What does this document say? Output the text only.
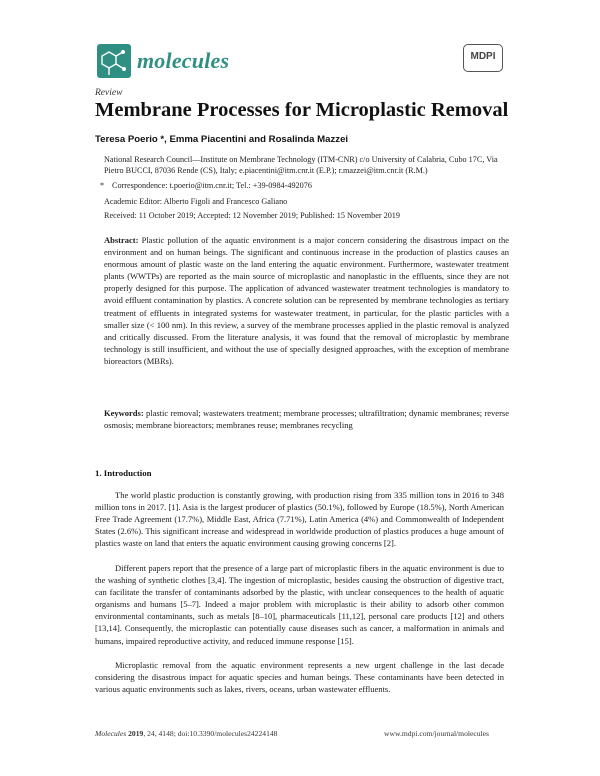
molecules	MDPI
Review
Membrane Processes for Microplastic Removal
Teresa Poerio *, Emma Piacentini and Rosalinda Mazzei
National Research Council—Institute on Membrane Technology (ITM-CNR) c/o University of Calabria, Cubo 17C, Via Pietro BUCCI, 87036 Rende (CS), Italy; e.piacentini@itm.cnr.it (E.P.); r.mazzei@itm.cnr.it (R.M.)
* Correspondence: t.poerio@itm.cnr.it; Tel.: +39-0984-492076
Academic Editor: Alberto Figoli and Francesco Galiano
Received: 11 October 2019; Accepted: 12 November 2019; Published: 15 November 2019
Abstract: Plastic pollution of the aquatic environment is a major concern considering the disastrous impact on the environment and on human beings. The significant and continuous increase in the production of plastics causes an enormous amount of plastic waste on the land entering the aquatic environment. Furthermore, wastewater treatment plants (WWTPs) are reported as the main source of microplastic and nanoplastic in the effluents, since they are not properly designed for this purpose. The application of advanced wastewater treatment technologies is mandatory to avoid effluent contamination by plastics. A concrete solution can be represented by membrane technologies as tertiary treatment of effluents in integrated systems for wastewater treatment, in particular, for the plastic particles with a smaller size (< 100 nm). In this review, a survey of the membrane processes applied in the plastic removal is analyzed and critically discussed. From the literature analysis, it was found that the removal of microplastic by membrane technology is still insufficient, and without the use of specially designed approaches, with the exception of membrane bioreactors (MBRs).
Keywords: plastic removal; wastewaters treatment; membrane processes; ultrafiltration; dynamic membranes; reverse osmosis; membrane bioreactors; membranes reuse; membranes recycling
1. Introduction

The world plastic production is constantly growing, with production rising from 335 million tons in 2016 to 348 million tons in 2017. [1]. Asia is the largest producer of plastics (50.1%), followed by Europe (18.5%), North American Free Trade Agreement (17.7%), Middle East, Africa (7.71%), Latin America (4%) and Commonwealth of Independent States (2.6%). This significant increase and widespread in worldwide production of plastics produces a huge amount of plastics waste on land that enters the aquatic environment causing growing concerns [2].

Different papers report that the presence of a large part of microplastic fibers in the aquatic environment is due to the washing of synthetic clothes [3,4]. The ingestion of microplastic, besides causing the obstruction of digestive tract, can facilitate the transfer of contaminants adsorbed by the plastic, with unclear consequences to the health of aquatic organisms and humans [5–7]. Indeed a major problem with microplastic is their ability to adsorb other common environmental contaminants, such as metals [8–10], pharmaceuticals [11,12], personal care products [12] and others [13,14]. Consequently, the microplastic can potentially cause diseases such as cancer, a malformation in animals and humans, impaired reproductive activity, and reduced immune response [15].

Microplastic removal from the aquatic environment represents a new urgent challenge in the last decade considering the disastrous impact for aquatic species and human beings. These contaminants have been detected in various aquatic environments such as lakes, rivers, oceans, urban wastewater effluents.

Molecules 2019, 24, 4148; doi:10.3390/molecules24224148	www.mdpi.com/journal/molecules
